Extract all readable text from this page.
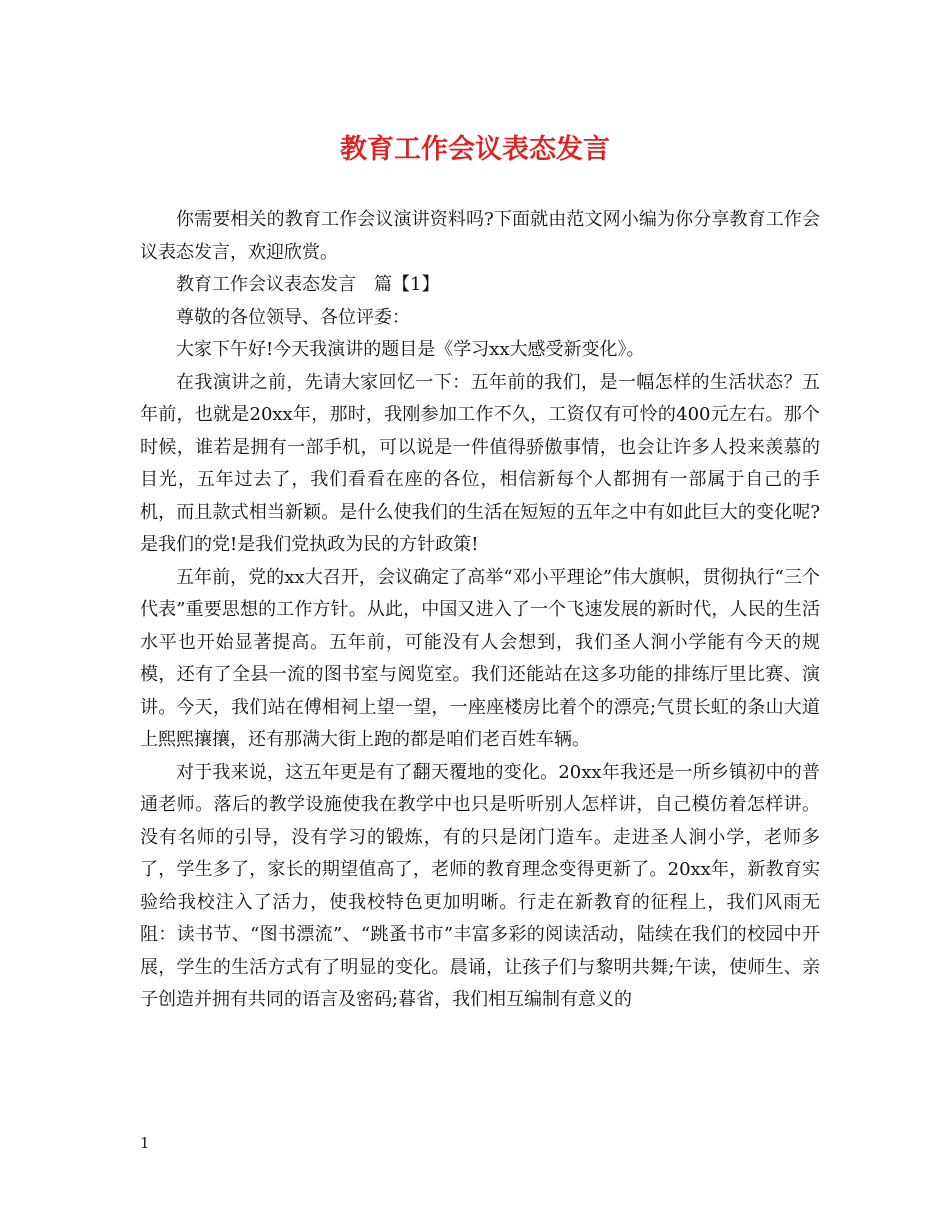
教育工作会议表态发言

你需要相关的教育工作会议演讲资料吗?下面就由范文网小编为你分享教育工作会议表态发言，欢迎欣赏。

教育工作会议表态发言　篇【1】

尊敬的各位领导、各位评委：

大家下午好!今天我演讲的题目是《学习xx大感受新变化》。

在我演讲之前，先请大家回忆一下：五年前的我们，是一幅怎样的生活状态？五年前，也就是20xx年，那时，我刚参加工作不久，工资仅有可怜的400元左右。那个时候，谁若是拥有一部手机，可以说是一件值得骄傲事情，也会让许多人投来羡慕的目光，五年过去了，我们看看在座的各位，相信新每个人都拥有一部属于自己的手机，而且款式相当新颖。是什么使我们的生活在短短的五年之中有如此巨大的变化呢?是我们的党!是我们党执政为民的方针政策!

五年前，党的xx大召开，会议确定了高举“邓小平理论”伟大旗帜，贯彻执行“三个代表”重要思想的工作方针。从此，中国又进入了一个飞速发展的新时代，人民的生活水平也开始显著提高。五年前，可能没有人会想到，我们圣人涧小学能有今天的规模，还有了全县一流的图书室与阅览室。我们还能站在这多功能的排练厅里比赛、演讲。今天，我们站在傅相祠上望一望，一座座楼房比着个的漂亮;气贯长虹的条山大道上熙熙攘攘，还有那满大街上跑的都是咱们老百姓车辆。

对于我来说，这五年更是有了翻天覆地的变化。20xx年我还是一所乡镇初中的普通老师。落后的教学设施使我在教学中也只是听听别人怎样讲，自己模仿着怎样讲。没有名师的引导，没有学习的锻炼，有的只是闭门造车。走进圣人涧小学，老师多了，学生多了，家长的期望值高了，老师的教育理念变得更新了。20xx年，新教育实验给我校注入了活力，使我校特色更加明晰。行走在新教育的征程上，我们风雨无阻：读书节、“图书漂流”、“跳蚤书市”丰富多彩的阅读活动，陆续在我们的校园中开展，学生的生活方式有了明显的变化。晨诵，让孩子们与黎明共舞;午读，使师生、亲子创造并拥有共同的语言及密码;暮省，我们相互编制有意义的

1
